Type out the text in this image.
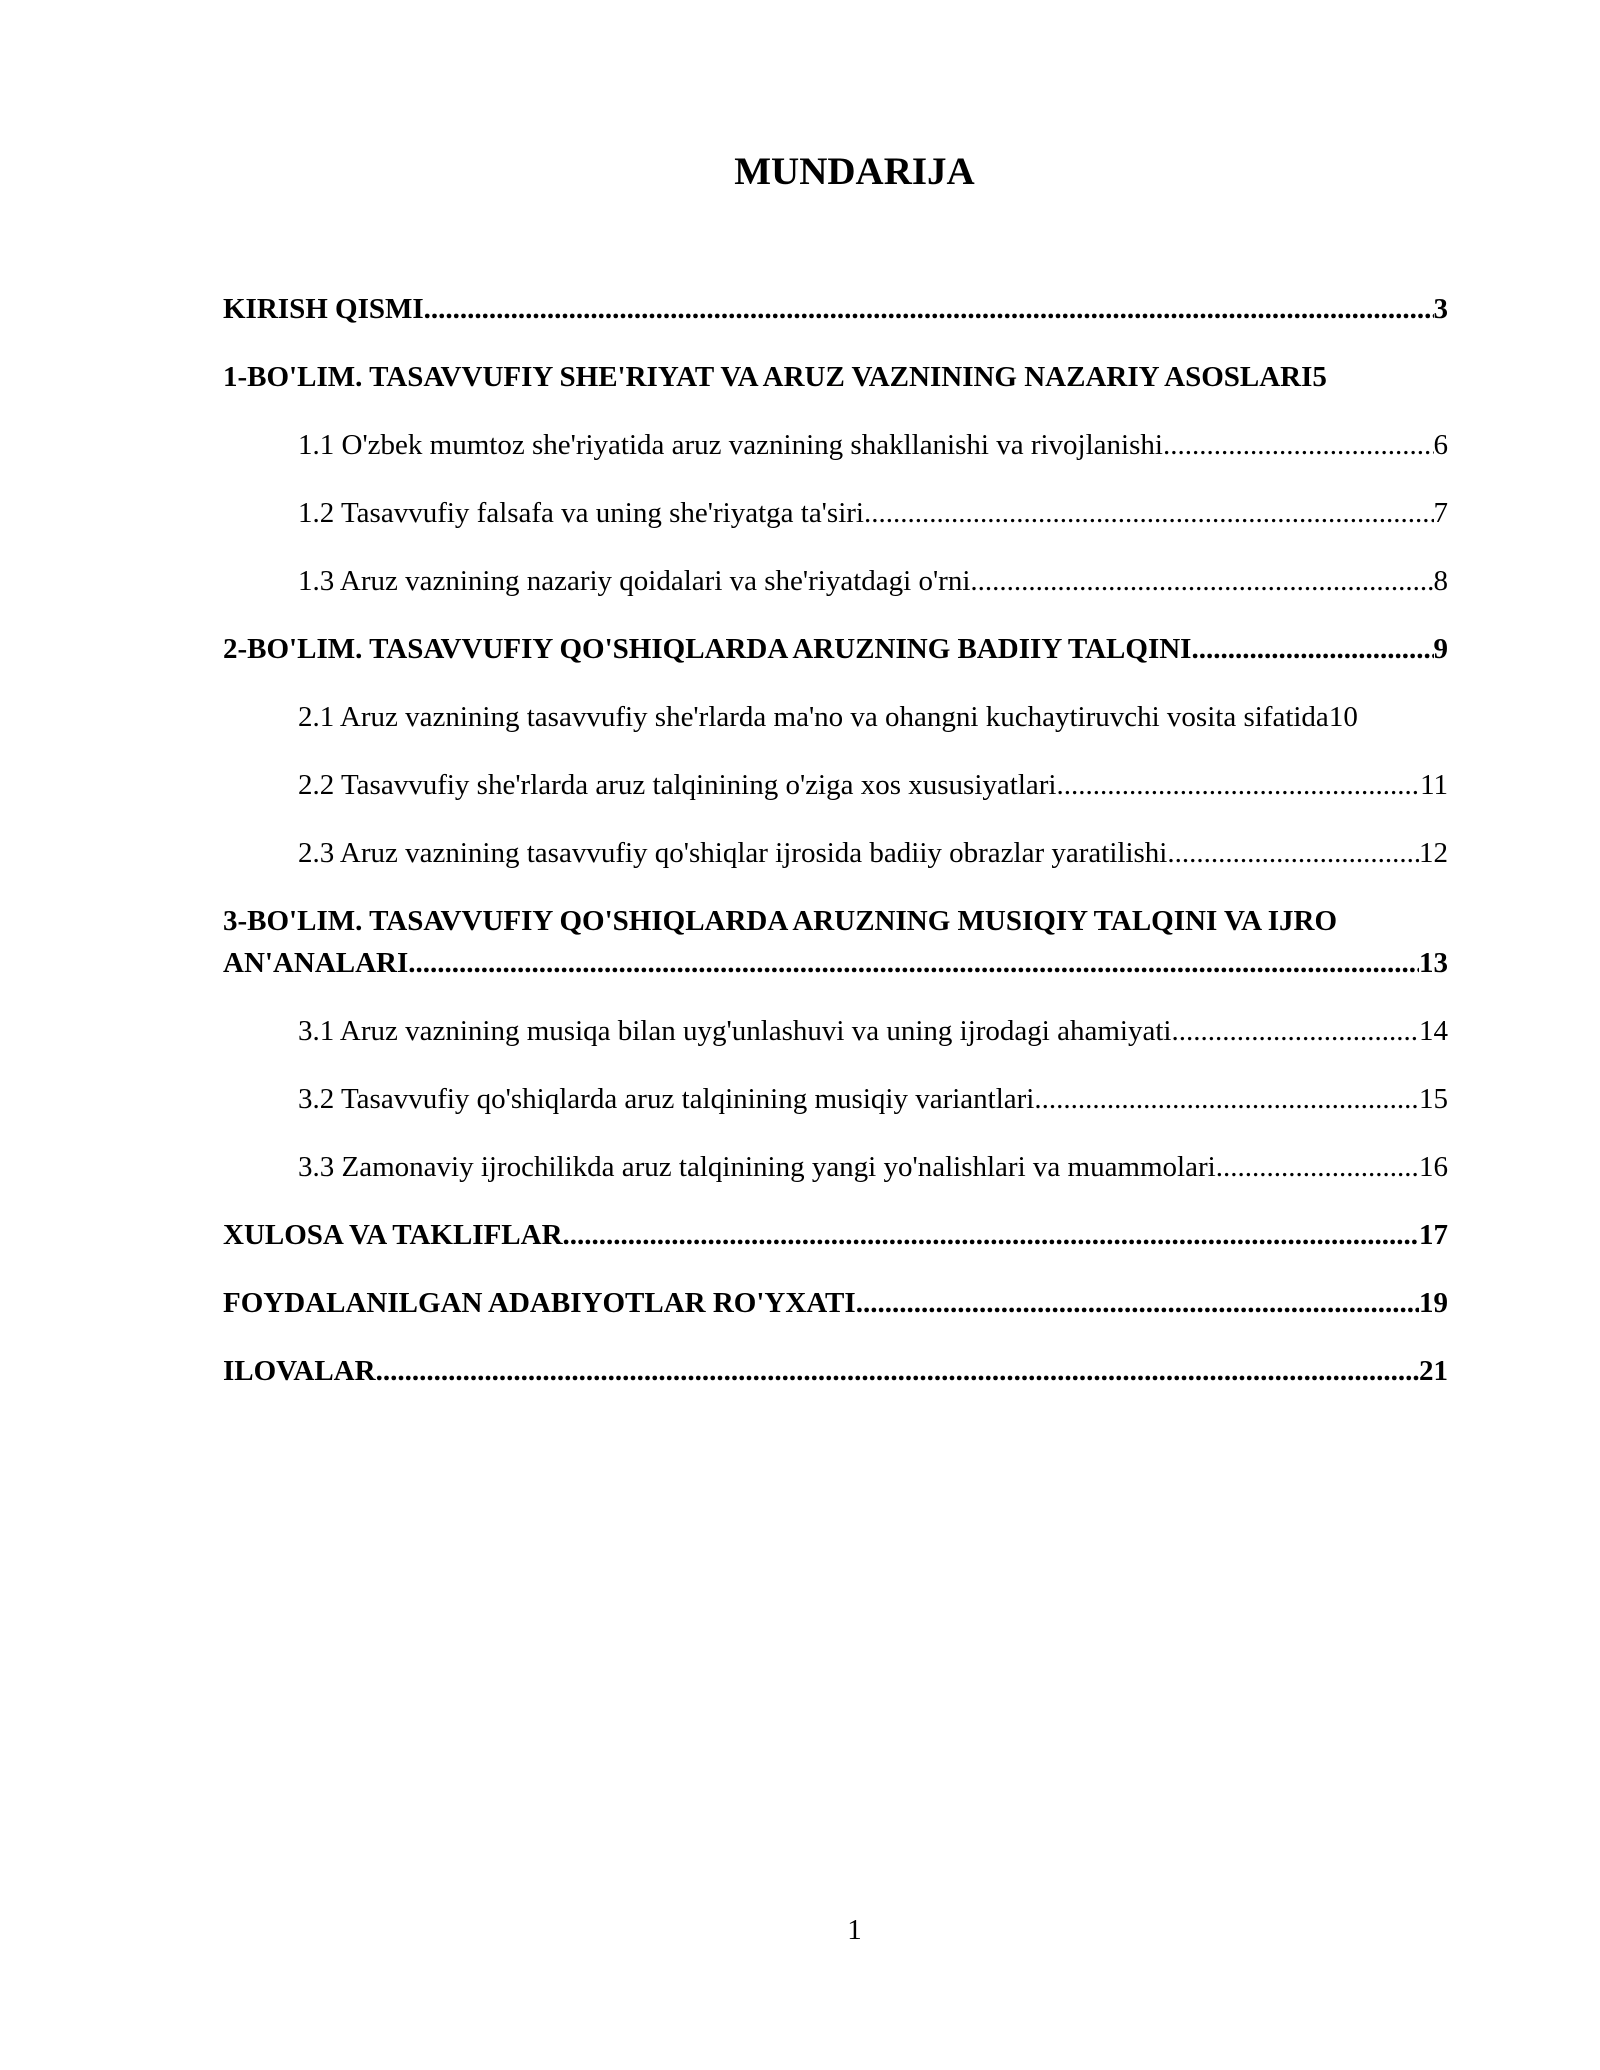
MUNDARIJA
KIRISH QISMI .....	3
1-BO'LIM. TASAVVUFIY SHE'RIYAT VA ARUZ VAZNINING NAZARIY ASOSLARI 5
1.1 O'zbek mumtoz she'riyatida aruz vaznining shakllanishi va rivojlanishi .....	6
1.2 Tasavvufiy falsafa va uning she'riyatga ta'siri .....	7
1.3 Aruz vaznining nazariy qoidalari va she'riyatdagi o'rni .....	8
2-BO'LIM. TASAVVUFIY QO'SHIQLARDA ARUZNING BADIIY TALQINI .....	9
2.1 Aruz vaznining tasavvufiy she'rlarda ma'no va ohangni kuchaytiruvchi vosita sifatida 10
2.2 Tasavvufiy she'rlarda aruz talqinining o'ziga xos xususiyatlari .....	11
2.3 Aruz vaznining tasavvufiy qo'shiqlar ijrosida badiiy obrazlar yaratilishi .....	12
3-BO'LIM. TASAVVUFIY QO'SHIQLARDA ARUZNING MUSIQIY TALQINI VA IJRO
AN'ANALARI .....	13
3.1 Aruz vaznining musiqa bilan uyg'unlashuvi va uning ijrodagi ahamiyati .....	14
3.2 Tasavvufiy qo'shiqlarda aruz talqinining musiqiy variantlari .....	15
3.3 Zamonaviy ijrochilikda aruz talqinining yangi yo'nalishlari va muammolari .....	16
XULOSA VA TAKLIFLAR .....	17
FOYDALANILGAN ADABIYOTLAR RO'YXATI .....	19
ILOVALAR .....	21
1
